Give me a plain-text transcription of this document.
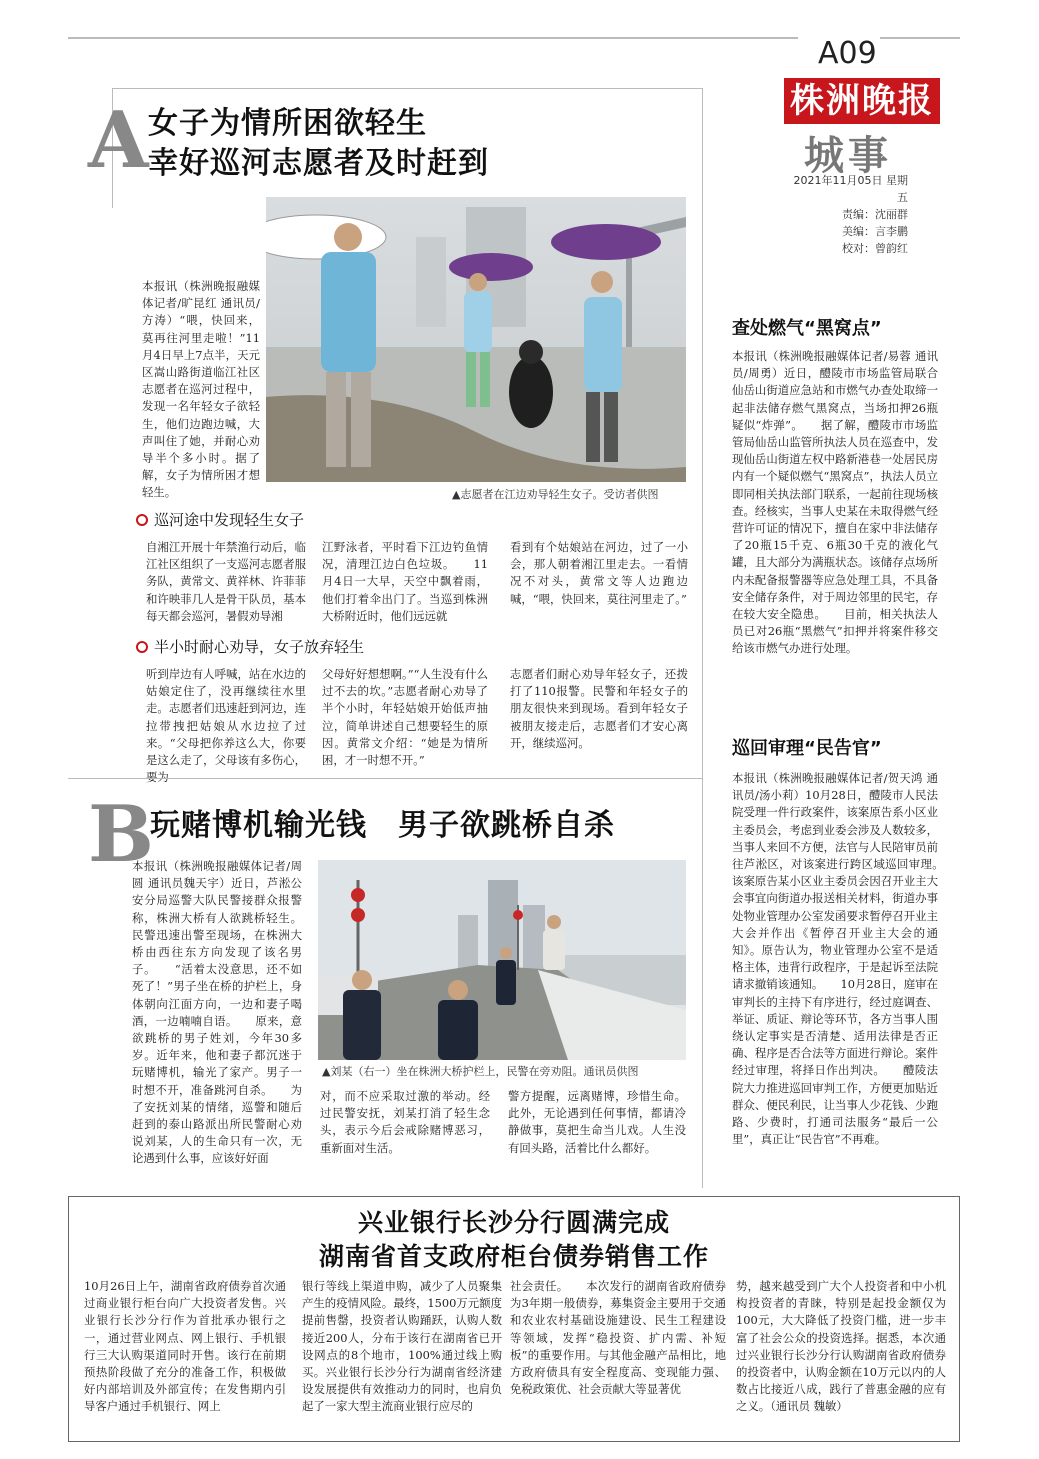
A09
株洲晚报
城事
2021年11月05日 星期五
责编：沈丽群
美编：言李鹏
校对：曾韵红
A 女子为情所困欲轻生
幸好巡河志愿者及时赶到
本报讯（株洲晚报融媒体记者/旷昆红 通讯员/方涛）“喂，快回来，莫再往河里走啦！”11月4日早上7点半，天元区嵩山路街道临江社区志愿者在巡河过程中，发现一名年轻女子欲轻生，他们边跑边喊，大声叫住了她，并耐心劝导半个多小时。据了解，女子为情所困才想轻生。	▲志愿者在江边劝导轻生女子。受访者供图
巡河途中发现轻生女子
自湘江开展十年禁渔行动后，临江社区组织了一支巡河志愿者服务队，黄常文、黄祥林、许菲菲和许映菲几人是骨干队员，基本每天都会巡河，暑假劝导湘
江野泳者，平时看下江边钓鱼情况，清理江边白色垃圾。　　11月4日一大早，天空中飘着雨，他们打着伞出门了。当巡到株洲大桥附近时，他们远远就
看到有个姑娘站在河边，过了一小会，那人朝着湘江里走去。一看情况不对头，黄常文等人边跑边喊，“喂，快回来，莫往河里走了。”
半小时耐心劝导，女子放弃轻生
听到岸边有人呼喊，站在水边的姑娘定住了，没再继续往水里走。志愿者们迅速赶到河边，连拉带拽把姑娘从水边拉了过来。“父母把你养这么大，你要是这么走了，父母该有多伤心，
父母好好想想啊。”“人生没有什么过不去的坎。”志愿者耐心劝导了半个小时，年轻姑娘开始低声抽泣，简单讲述自己想要轻生的原因。黄常文介绍：“她是为情所困，才一时想不开。”
志愿者们耐心劝导年轻女子，还拨打了110报警。民警和年轻女子的朋友很快来到现场。看到年轻女子被朋友接走后，志愿者们才安心离开，继续巡河。
B
玩赌博机输光钱　男子欲跳桥自杀
本报讯（株洲晚报融媒体记者/周圆 通讯员魏天宇）近日，芦淞公安分局巡警大队民警接群众报警称，株洲大桥有人欲跳桥轻生。民警迅速出警至现场，在株洲大桥由西往东方向发现了该名男子。　　“活着太没意思，还不如死了！”男子坐在桥的护栏上，身体朝向江面方向，一边和妻子喝酒，一边喃喃自语。　　原来，意欲跳桥的男子姓刘，今年30多岁。近年来，他和妻子都沉迷于玩赌博机，输光了家产。男子一时想不开，准备跳河自杀。　　为了安抚刘某的情绪，巡警和随后赶到的泰山路派出所民警耐心劝说刘某，人的生命只有一次，无论遇到什么事，应该好好面
▲刘某（右一）坐在株洲大桥护栏上，民警在旁劝阻。通讯员供图
对，而不应采取过激的举动。经过民警安抚，刘某打消了轻生念头，表示今后会戒除赌博恶习，重新面对生活。
警方提醒，远离赌博，珍惜生命。此外，无论遇到任何事情，都请冷静做事，莫把生命当儿戏。人生没有回头路，活着比什么都好。
查处燃气“黑窝点”
本报讯（株洲晚报融媒体记者/易蓉 通讯员/周勇）近日，醴陵市市场监管局联合仙岳山街道应急站和市燃气办查处取缔一起非法储存燃气黑窝点，当场扣押26瓶疑似“炸弹”。　　据了解，醴陵市市场监管局仙岳山监管所执法人员在巡查中，发现仙岳山街道左权中路新港巷一处居民房内有一个疑似燃气“黑窝点”，执法人员立即同相关执法部门联系，一起前往现场核查。经核实，当事人史某在未取得燃气经营许可证的情况下，擅自在家中非法储存了20瓶15千克、6瓶30千克的液化气罐，且大部分为满瓶状态。该储存点场所内未配备报警器等应急处理工具，不具备安全储存条件，对于周边邻里的民宅，存在较大安全隐患。　　目前，相关执法人员已对26瓶“黑燃气”扣押并将案件移交给该市燃气办进行处理。
巡回审理“民告官”
本报讯（株洲晚报融媒体记者/贺天鸿 通讯员/汤小莉）10月28日，醴陵市人民法院受理一件行政案件，该案原告系小区业主委员会，考虑到业委会涉及人数较多，当事人来回不方便，法官与人民陪审员前往芦淞区，对该案进行跨区域巡回审理。　　该案原告某小区业主委员会因召开业主大会事宜向街道办报送相关材料，街道办事处物业管理办公室发函要求暂停召开业主大会并作出《暂停召开业主大会的通知》。原告认为，物业管理办公室不是适格主体，违背行政程序，于是起诉至法院请求撤销该通知。　　10月28日，庭审在审判长的主持下有序进行，经过庭调查、举证、质证、辩论等环节，各方当事人围绕认定事实是否清楚、适用法律是否正确、程序是否合法等方面进行辩论。案件经过审理，将择日作出判决。　　醴陵法院大力推进巡回审判工作，方便更加贴近群众、便民利民，让当事人少花钱、少跑路、少费时，打通司法服务“最后一公里”，真正让“民告官”不再难。
兴业银行长沙分行圆满完成
湖南省首支政府柜台债券销售工作
10月26日上午，湖南省政府债券首次通过商业银行柜台向广大投资者发售。兴业银行长沙分行作为首批承办银行之一，通过营业网点、网上银行、手机银行三大认购渠道同时开售。该行在前期预热阶段做了充分的准备工作，积极做好内部培训及外部宣传；在发售期内引导客户通过手机银行、网上
银行等线上渠道申购，减少了人员聚集产生的疫情风险。最终，1500万元额度提前售罄，投资者认购踊跃，认购人数接近200人，分布于该行在湖南省已开设网点的8个地市，100%通过线上购买。兴业银行长沙分行为湖南省经济建设发展提供有效推动力的同时，也肩负起了一家大型主流商业银行应尽的
社会责任。　　本次发行的湖南省政府债券为3年期一般债券，募集资金主要用于交通和农业农村基础设施建设、民生工程建设等领域，发挥“稳投资、扩内需、补短板”的重要作用。与其他金融产品相比，地方政府债具有安全程度高、变现能力强、免税政策优、社会贡献大等显著优
势，越来越受到广大个人投资者和中小机构投资者的青睐，特别是起投金额仅为100元，大大降低了投资门槛，进一步丰富了社会公众的投资选择。据悉，本次通过兴业银行长沙分行认购湖南省政府债券的投资者中，认购金额在10万元以内的人数占比接近八成，践行了普惠金融的应有之义。（通讯员 魏敏）
